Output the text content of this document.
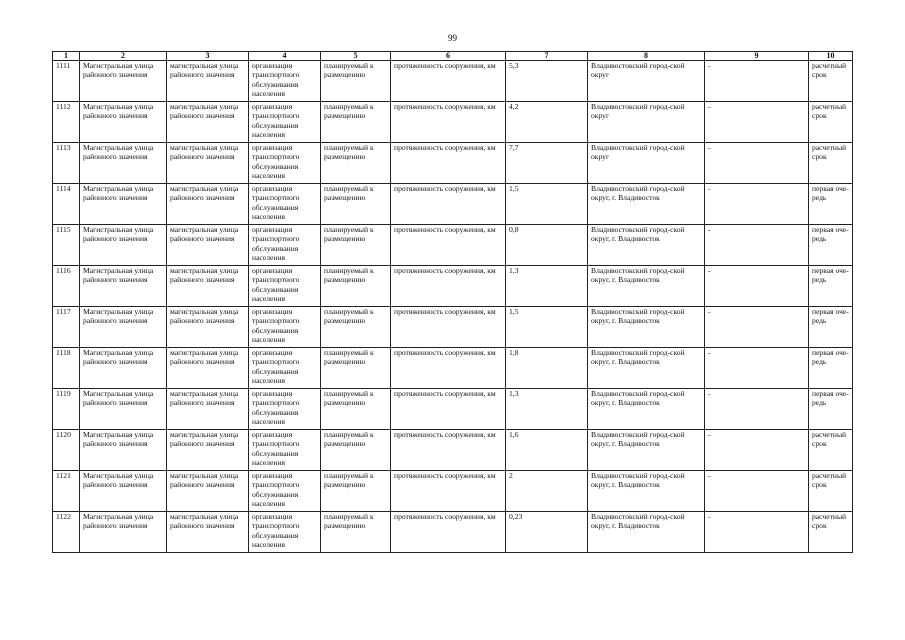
99
1	2	3	4	5	6	7	8	9	10
1111	Магистральная улица районного значения	магистральная улица районного значения	организация транспортного обслуживания населения	планируемый к размещению	протяженность сооружения, км	5,3	Владивостокский город-ской округ	-	расчетный срок
1112	Магистральная улица районного значения	магистральная улица районного значения	организация транспортного обслуживания населения	планируемый к размещению	протяженность сооружения, км	4,2	Владивостокский город-ской округ	-	расчетный срок
1113	Магистральная улица районного значения	магистральная улица районного значения	организация транспортного обслуживания населения	планируемый к размещению	протяженность сооружения, км	7,7	Владивостокский город-ской округ	-	расчетный срок
1114	Магистральная улица районного значения	магистральная улица районного значения	организация транспортного обслуживания населения	планируемый к размещению	протяженность сооружения, км	1,5	Владивостокский город-ской округ, г. Владивосток	-	первая оче-редь
1115	Магистральная улица районного значения	магистральная улица районного значения	организация транспортного обслуживания населения	планируемый к размещению	протяженность сооружения, км	0,8	Владивостокский город-ской округ, г. Владивосток	-	первая оче-редь
1116	Магистральная улица районного значения	магистральная улица районного значения	организация транспортного обслуживания населения	планируемый к размещению	протяженность сооружения, км	1,3	Владивостокский город-ской округ, г. Владивосток	-	первая оче-редь
1117	Магистральная улица районного значения	магистральная улица районного значения	организация транспортного обслуживания населения	планируемый к размещению	протяженность сооружения, км	1,5	Владивостокский город-ской округ, г. Владивосток	-	первая оче-редь
1118	Магистральная улица районного значения	магистральная улица районного значения	организация транспортного обслуживания населения	планируемый к размещению	протяженность сооружения, км	1,8	Владивостокский город-ской округ, г. Владивосток	-	первая оче-редь
1119	Магистральная улица районного значения	магистральная улица районного значения	организация транспортного обслуживания населения	планируемый к размещению	протяженность сооружения, км	1,3	Владивостокский город-ской округ, г. Владивосток	-	первая оче-редь
1120	Магистральная улица районного значения	магистральная улица районного значения	организация транспортного обслуживания населения	планируемый к размещению	протяженность сооружения, км	1,6	Владивостокский город-ской округ, г. Владивосток	-	расчетный срок
1121	Магистральная улица районного значения	магистральная улица районного значения	организация транспортного обслуживания населения	планируемый к размещению	протяженность сооружения, км	2	Владивостокский город-ской округ, г. Владивосток	-	расчетный срок
1122	Магистральная улица районного значения	магистральная улица районного значения	организация транспортного обслуживания населения	планируемый к размещению	протяженность сооружения, км	0,23	Владивостокский город-ской округ, г. Владивосток	-	расчетный срок
